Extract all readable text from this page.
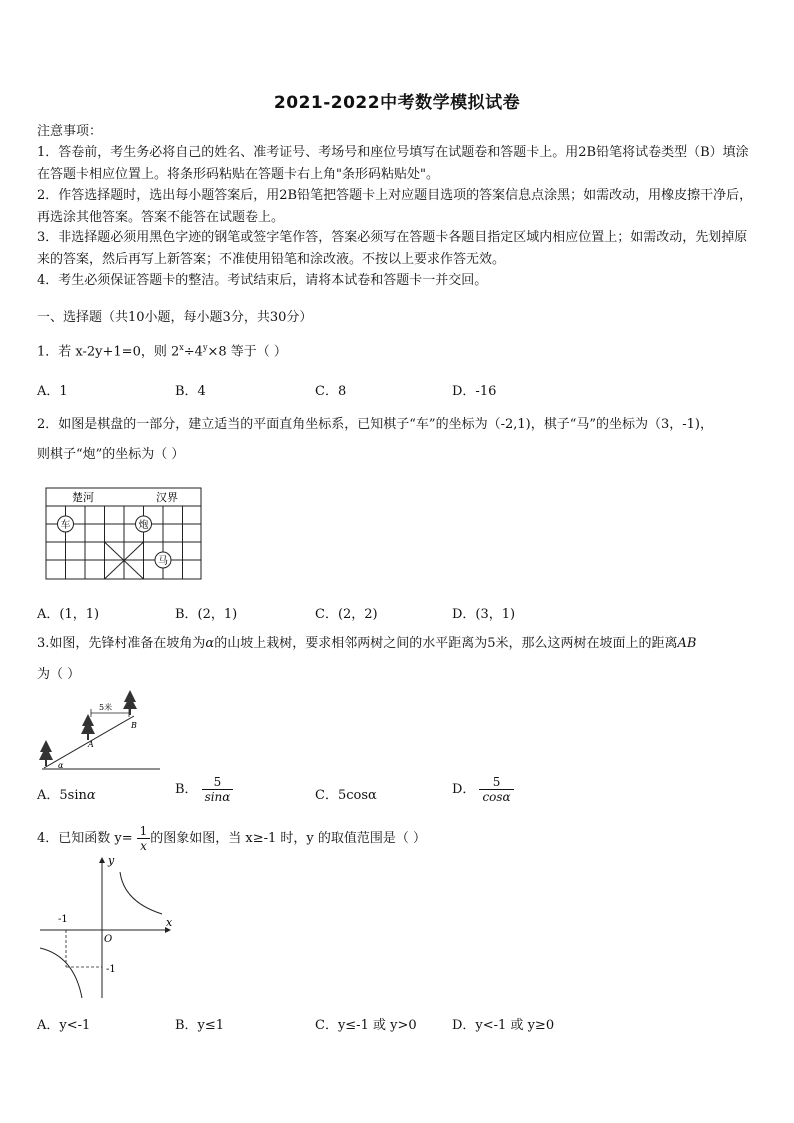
2021-2022中考数学模拟试卷
注意事项：

1．答卷前，考生务必将自己的姓名、准考证号、考场号和座位号填写在试题卷和答题卡上。用2B铅笔将试卷类型（B）填涂在答题卡相应位置上。将条形码粘贴在答题卡右上角"条形码粘贴处"。

2．作答选择题时，选出每小题答案后，用2B铅笔把答题卡上对应题目选项的答案信息点涂黑；如需改动，用橡皮擦干净后，再选涂其他答案。答案不能答在试题卷上。

3．非选择题必须用黑色字迹的钢笔或签字笔作答，答案必须写在答题卡各题目指定区域内相应位置上；如需改动，先划掉原来的答案，然后再写上新答案；不准使用铅笔和涂改液。不按以上要求作答无效。

4．考生必须保证答题卡的整洁。考试结束后，请将本试卷和答题卡一并交回。

一、选择题（共10小题，每小题3分，共30分）
1．若 x-2y+1=0，则 $2^x\div 4^y\times 8$ 等于（ ）
A．1	B．4	C．8	D．-16
2．如图是棋盘的一部分，建立适当的平面直角坐标系，已知棋子“车”的坐标为（-2,1)，棋子“马”的坐标为（3，-1)，
则棋子“炮”的坐标为（ ）
楚河	汉界
车	炮
马
A．(1，1)	B．(2，1)	C．(2，2)	D．(3，1)
3.如图，先锋村准备在坡角为α的山坡上栽树，要求相邻两树之间的水平距离为5米，那么这两树在坡面上的距离AB
为（ ）
5米
A
B
α
A．5sinα	B． $\frac{5}{\sin\alpha}$	C．5cosα	D． $\frac{5}{\cos\alpha}$
4．已知函数 $y= \frac{1}{x}$ 的图象如图，当 x≥-1 时，y 的取值范围是（ ）
x
y
O
-1
-1
A．y<-1	B．y≤1	C．y≤-1 或 y>0	D．y<-1 或 y≥0
